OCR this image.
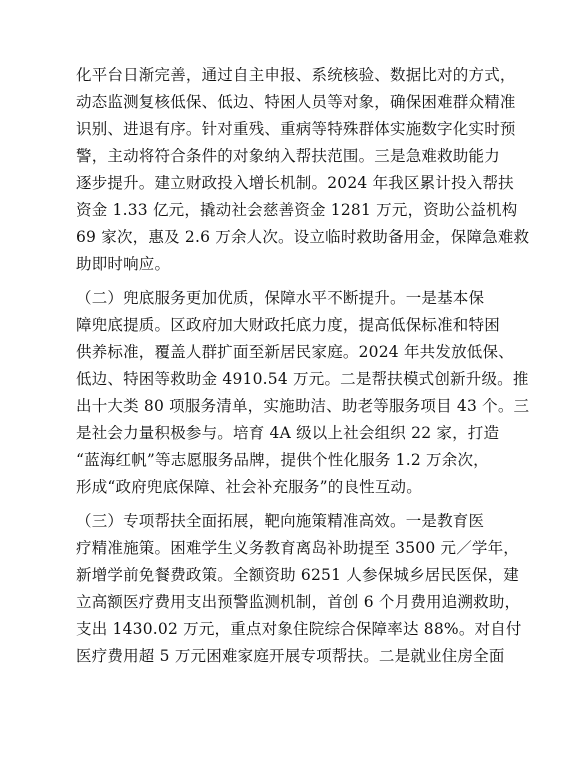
化平台日渐完善，通过自主申报、系统核验、数据比对的方式，
动态监测复核低保、低边、特困人员等对象，确保困难群众精准
识别、进退有序。针对重残、重病等特殊群体实施数字化实时预
警，主动将符合条件的对象纳入帮扶范围。三是急难救助能力
逐步提升。建立财政投入增长机制。2024 年我区累计投入帮扶
资金 1.33 亿元，撬动社会慈善资金 1281 万元，资助公益机构
69 家次，惠及 2.6 万余人次。设立临时救助备用金，保障急难救
助即时响应。
（二）兜底服务更加优质，保障水平不断提升。一是基本保
障兜底提质。区政府加大财政托底力度，提高低保标准和特困
供养标准，覆盖人群扩面至新居民家庭。2024 年共发放低保、
低边、特困等救助金 4910.54 万元。二是帮扶模式创新升级。推
出十大类 80 项服务清单，实施助洁、助老等服务项目 43 个。三
是社会力量积极参与。培育 4A 级以上社会组织 22 家，打造
“蓝海红帆”等志愿服务品牌，提供个性化服务 1.2 万余次，
形成“政府兜底保障、社会补充服务”的良性互动。
（三）专项帮扶全面拓展，靶向施策精准高效。一是教育医
疗精准施策。困难学生义务教育离岛补助提至 3500 元／学年，
新增学前免餐费政策。全额资助 6251 人参保城乡居民医保，建
立高额医疗费用支出预警监测机制，首创 6 个月费用追溯救助，
支出 1430.02 万元，重点对象住院综合保障率达 88%。对自付
医疗费用超 5 万元困难家庭开展专项帮扶。二是就业住房全面
